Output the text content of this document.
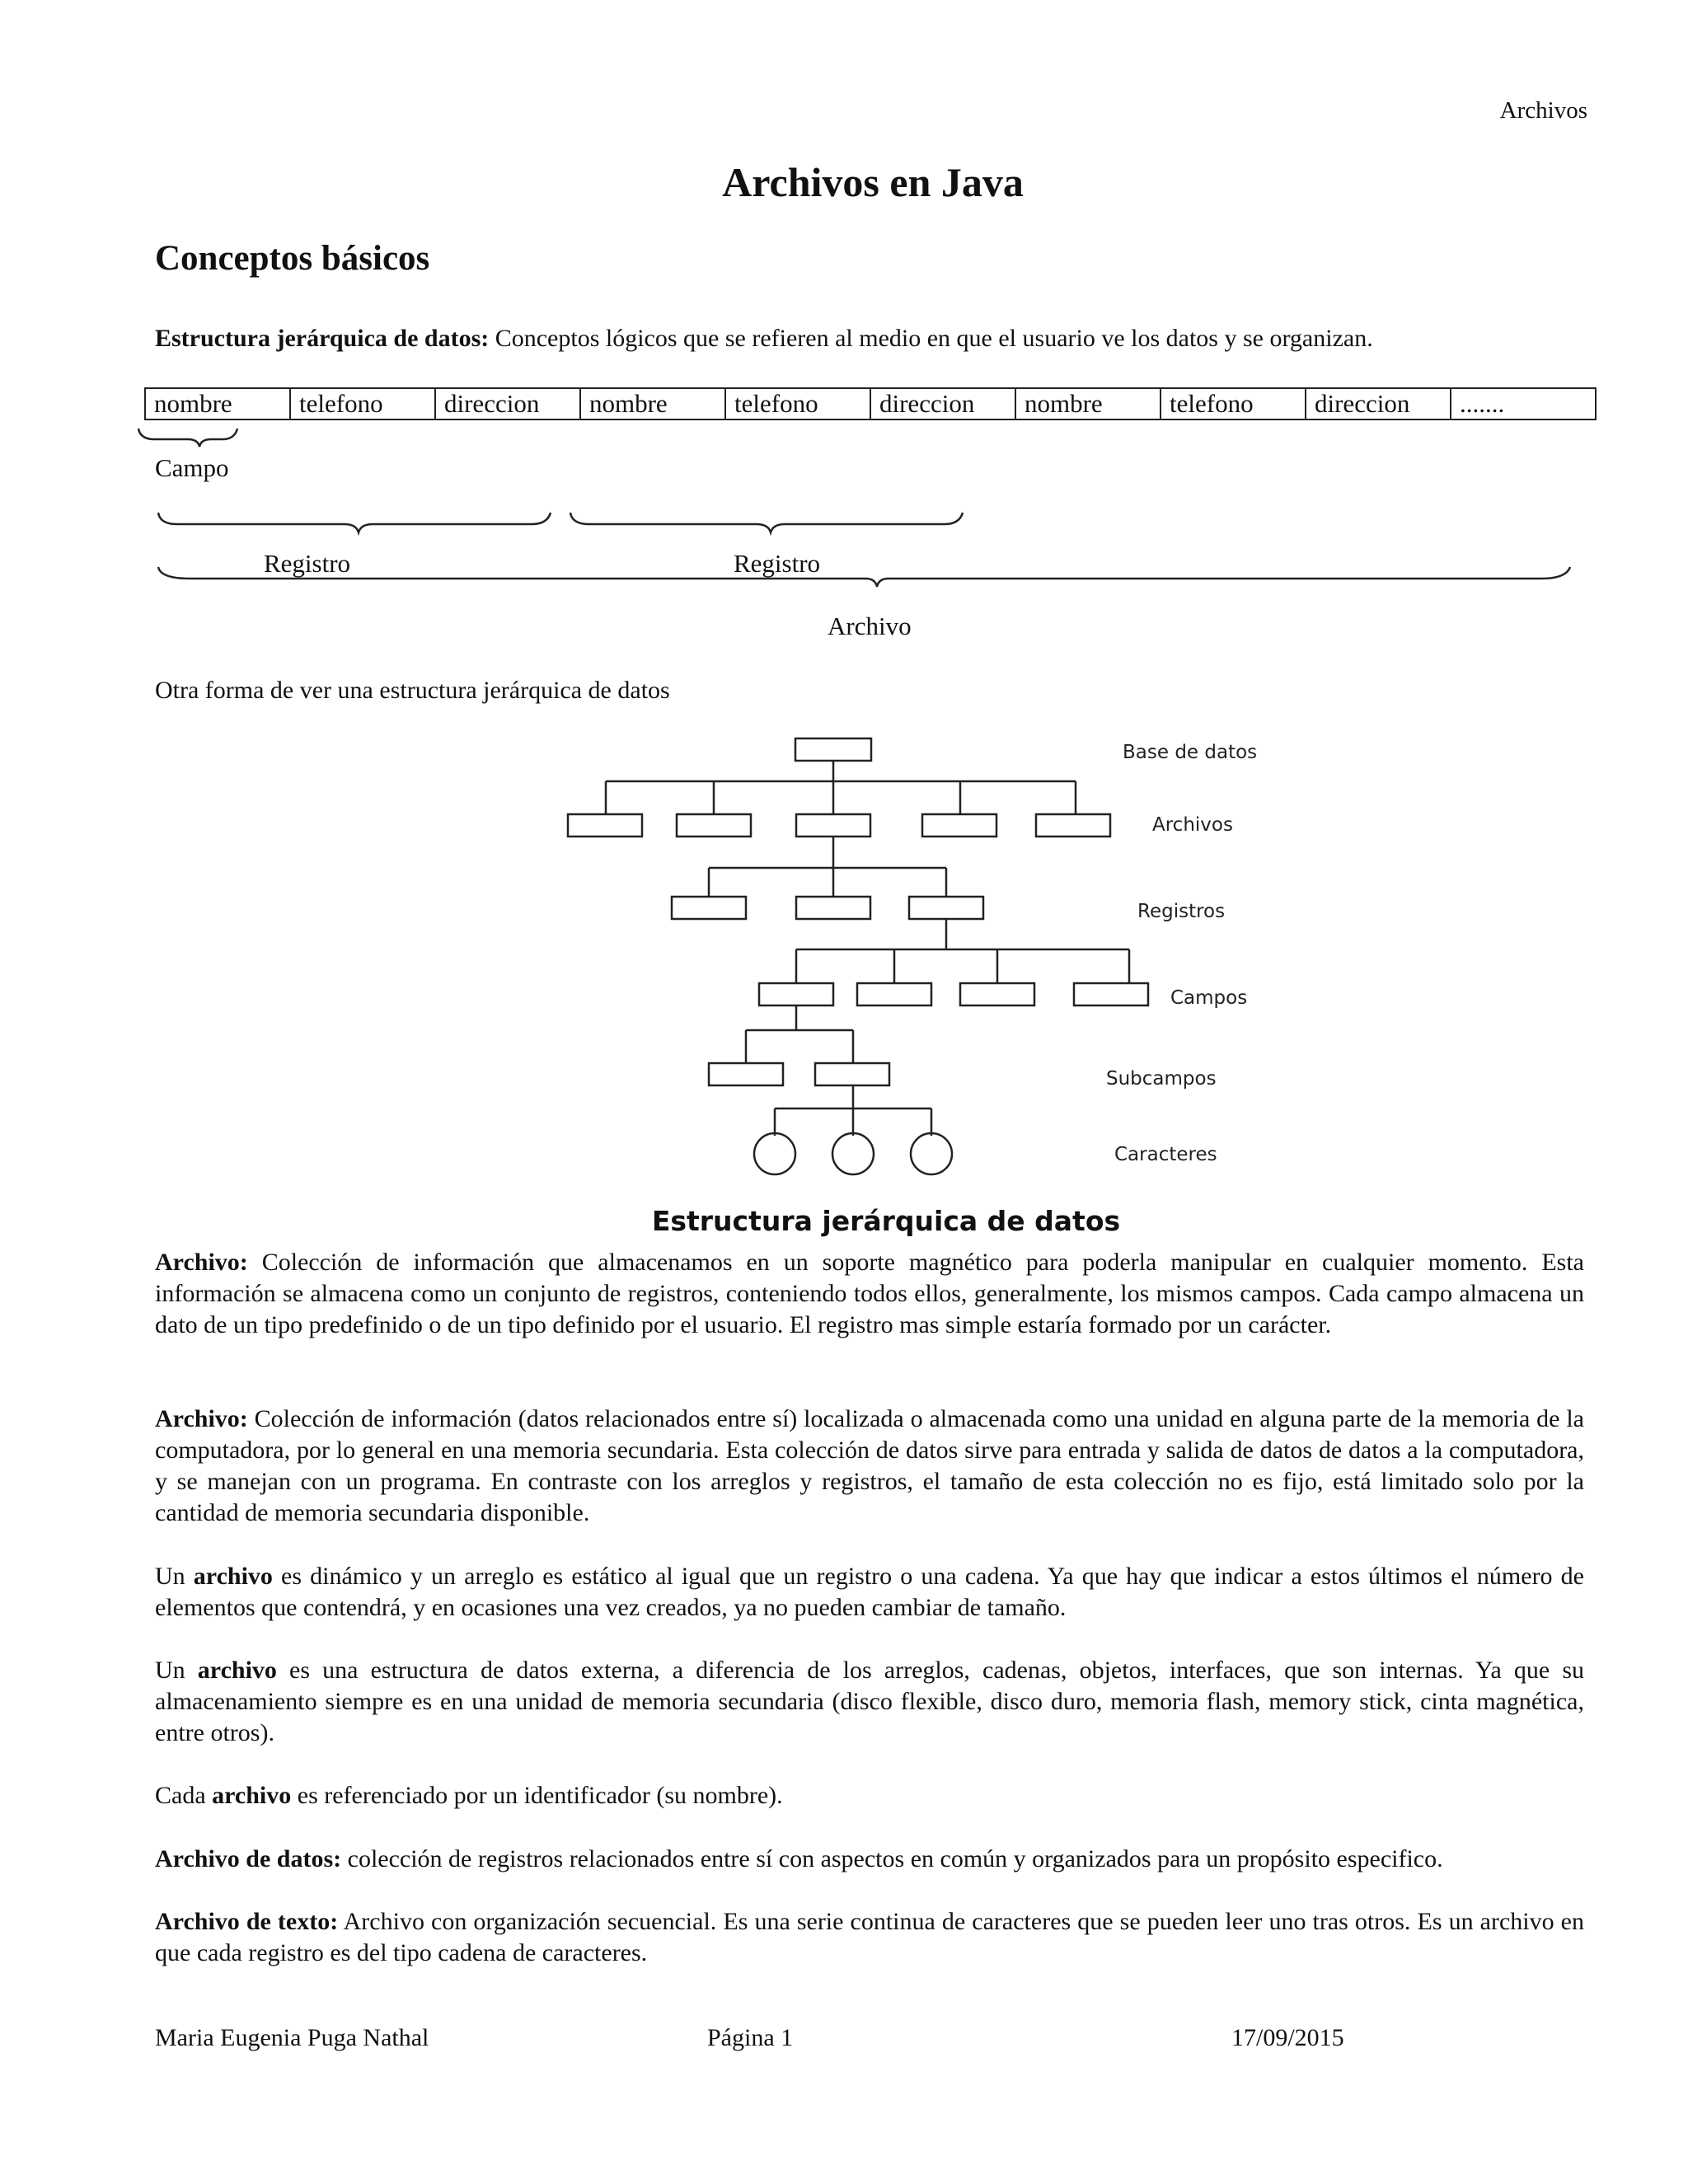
Archivos
Archivos en Java
Conceptos básicos
Estructura jerárquica de datos: Conceptos lógicos que se refieren al medio en que el usuario ve los datos y se organizan.
nombre	telefono	direccion	nombre	telefono	direccion	nombre	telefono	direccion	.......
Campo
Registro	Registro
Archivo
Otra forma de ver una estructura jerárquica de datos
Base de datos
Archivos
Registros
Campos
Subcampos
Caracteres
Estructura jerárquica de datos
Archivo: Colección de información que almacenamos en un soporte magnético para poderla manipular en cualquier momento. Esta información se almacena como un conjunto de registros, conteniendo todos ellos, generalmente, los mismos campos. Cada campo almacena un dato de un tipo predefinido o de un tipo definido por el usuario. El registro mas simple estaría formado por un carácter.
Archivo: Colección de información (datos relacionados entre sí) localizada o almacenada como una unidad en alguna parte de la memoria de la computadora, por lo general en una memoria secundaria. Esta colección de datos sirve para entrada y salida de datos de datos a la computadora, y se manejan con un programa. En contraste con los arreglos y registros, el tamaño de esta colección no es fijo, está limitado solo por la cantidad de memoria secundaria disponible.
Un archivo es dinámico y un arreglo es estático al igual que un registro o una cadena. Ya que hay que indicar a estos últimos el número de elementos que contendrá, y en ocasiones una vez creados, ya no pueden cambiar de tamaño.
Un archivo es una estructura de datos externa, a diferencia de los arreglos, cadenas, objetos, interfaces, que son internas. Ya que su almacenamiento siempre es en una unidad de memoria secundaria (disco flexible, disco duro, memoria flash, memory stick, cinta magnética, entre otros).
Cada archivo es referenciado por un identificador (su nombre).
Archivo de datos: colección de registros relacionados entre sí con aspectos en común y organizados para un propósito especifico.
Archivo de texto: Archivo con organización secuencial. Es una serie continua de caracteres que se pueden leer uno tras otros. Es un archivo en que cada registro es del tipo cadena de caracteres.
Maria Eugenia Puga Nathal	Página 1	17/09/2015
